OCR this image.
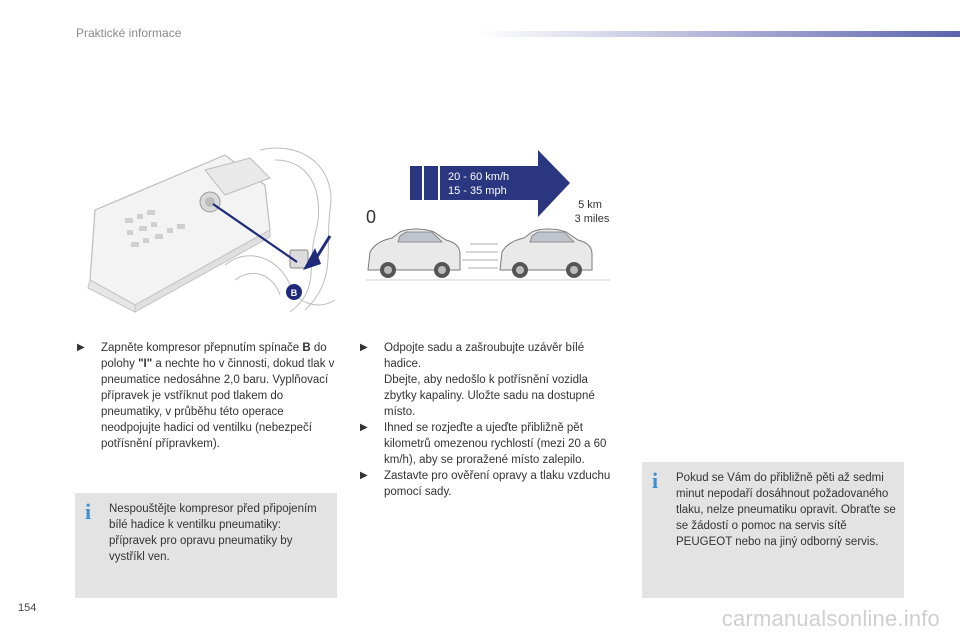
Praktické informace
B
20 - 60 km/h
15 - 35 mph
0
5 km
3 miles
▶ Zapněte kompresor přepnutím spínače B do polohy "I" a nechte ho v činnosti, dokud tlak v pneumatice nedosáhne 2,0 baru. Vyplňovací přípravek je vstříknut pod tlakem do pneumatiky, v průběhu této operace neodpojujte hadici od ventilku (nebezpečí potřísnění přípravkem).
i	Nespouštějte kompresor před připojením bílé hadice k ventilku pneumatiky: přípravek pro opravu pneumatiky by vystříkl ven.
▶ Odpojte sadu a zašroubujte uzávěr bílé hadice.
Dbejte, aby nedošlo k potřísnění vozidla zbytky kapaliny. Uložte sadu na dostupné místo.
▶ Ihned se rozjeďte a ujeďte přibližně pět kilometrů omezenou rychlostí (mezi 20 a 60 km/h), aby se proražené místo zalepilo.
▶ Zastavte pro ověření opravy a tlaku vzduchu pomocí sady.	i	Pokud se Vám do přibližně pěti až sedmi minut nepodaří dosáhnout požadovaného tlaku, nelze pneumatiku opravit. Obraťte se se žádostí o pomoc na servis sítě PEUGEOT nebo na jiný odborný servis.
154	carmanualsonline.info
